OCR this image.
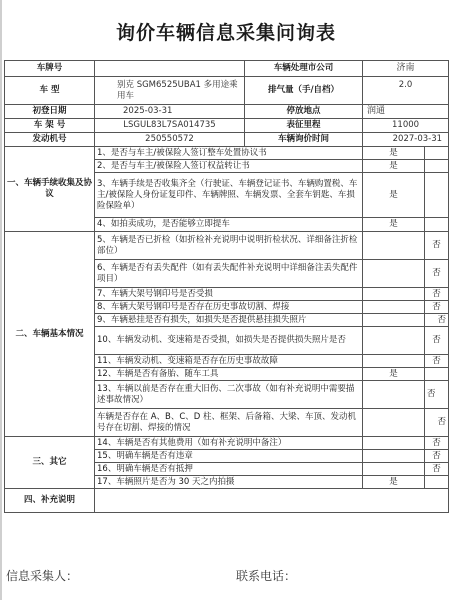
询价车辆信息采集问询表
车牌号		车辆处理市公司	济南	
车 型	别克 SGM6525UBA1 多用途乘用车	排气量（手/自档）	2.0	
初登日期	2025-03-31	停放地点	润通	
车 架 号	LSGUL83L7SA014735	表征里程	11000	
发动机号	250550572	车辆询价时间	2027-03-31	
一、车辆手续收集及协议	1、是否与车主/被保险人签订整车处置协议书		是	
	2、是否与车主/被保险人签订权益转让书		是	
	3、车辆手续是否收集齐全（行驶证、车辆登记证书、车辆购置税、车主/被保险人身份证复印件、车辆牌照、车辆发票、全套车钥匙、车损险保险单）		是	
	4、如拍卖成功，是否能够立即提车		是	
二、车辆基本情况	5、车辆是否已折检（如折检补充说明中说明折检状况、详细备注折检部位）			否
	6、车辆是否有丢失配件（如有丢失配件补充说明中详细备注丢失配件项目）			否
	7、车辆大架号钢印号是否受损			否
	8、车辆大架号钢印号是否存在历史事故切割、焊接			否
	9、车辆悬挂是否有损失，如损失是否提供悬挂损失照片			否
	10、车辆发动机、变速箱是否受损，如损失是否提供损失照片是否			否
	11、车辆发动机、变速箱是否存在历史事故故障			否
	12、车辆是否有备胎、随车工具		是	
	13、车辆以前是否存在重大旧伤、二次事故（如有补充说明中需要描述事故情况）			否
	车辆是否存在 A、B、C、D 柱、框架、后备箱、大梁、车顶、发动机号存在切割、焊接的情况			否
三、其它	14、车辆是否有其他费用（如有补充说明中备注）			否
	15、明确车辆是否有违章			否
	16、明确车辆是否有抵押			否
	17、车辆照片是否为 30 天之内拍摄		是	
四、补充说明				
信息采集人：	联系电话：
